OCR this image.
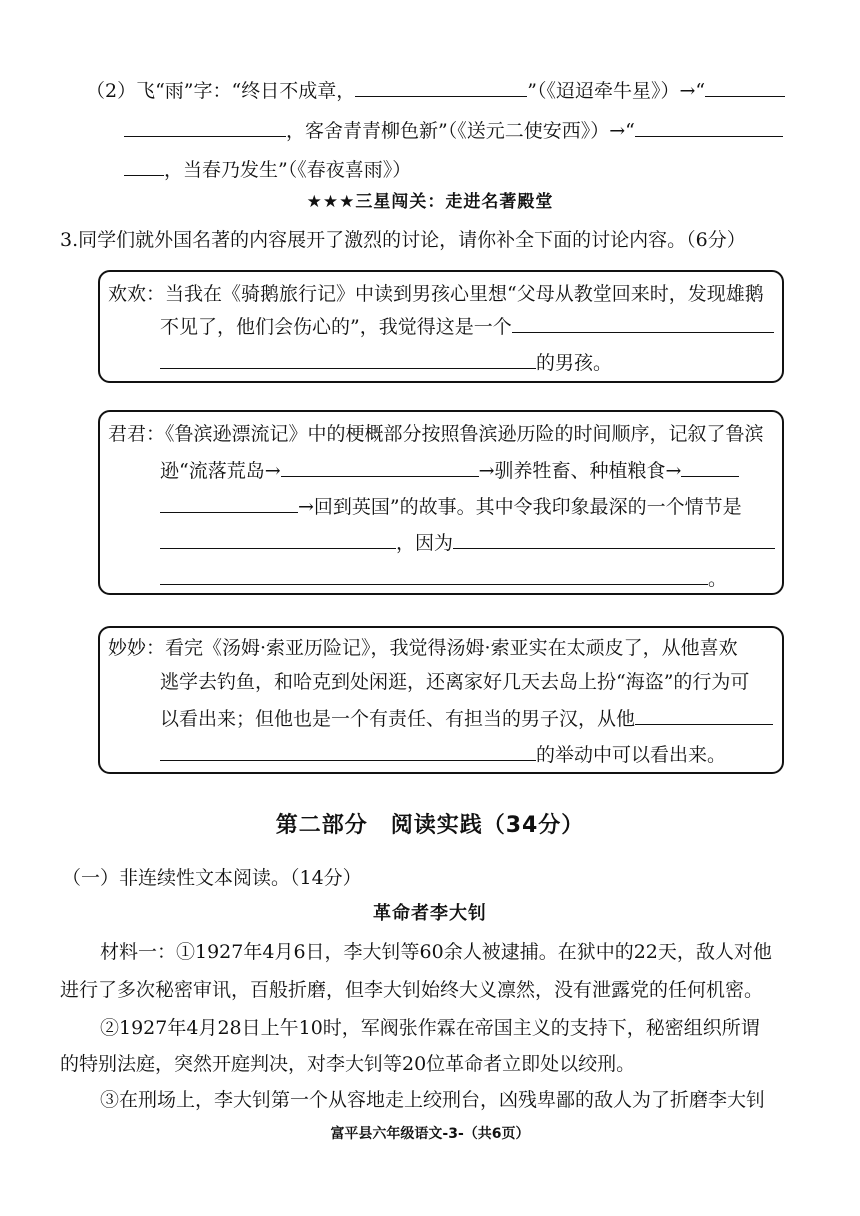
（2）飞“雨”字：“终日不成章，	”（《迢迢牵牛星》）→“
，客舍青青柳色新”（《送元二使安西》）→“
，当春乃发生”（《春夜喜雨》）
★★★三星闯关：走进名著殿堂
3.同学们就外国名著的内容展开了激烈的讨论，请你补全下面的讨论内容。（6分）
欢欢：当我在《骑鹅旅行记》中读到男孩心里想“父母从教堂回来时，发现雄鹅
不见了，他们会伤心的”，我觉得这是一个
的男孩。
君君：《鲁滨逊漂流记》中的梗概部分按照鲁滨逊历险的时间顺序，记叙了鲁滨
逊“流落荒岛→	→驯养牲畜、种植粮食→
→回到英国”的故事。其中令我印象最深的一个情节是
，因为
。
妙妙：看完《汤姆·索亚历险记》，我觉得汤姆·索亚实在太顽皮了，从他喜欢
逃学去钓鱼，和哈克到处闲逛，还离家好几天去岛上扮“海盗”的行为可
以看出来；但他也是一个有责任、有担当的男子汉，从他
的举动中可以看出来。
第二部分　阅读实践（34分）
（一）非连续性文本阅读。（14分）
革命者李大钊
材料一：①1927年4月6日，李大钊等60余人被逮捕。在狱中的22天，敌人对他
进行了多次秘密审讯，百般折磨，但李大钊始终大义凛然，没有泄露党的任何机密。
②1927年4月28日上午10时，军阀张作霖在帝国主义的支持下，秘密组织所谓
的特别法庭，突然开庭判决，对李大钊等20位革命者立即处以绞刑。
③在刑场上，李大钊第一个从容地走上绞刑台，凶残卑鄙的敌人为了折磨李大钊
富平县六年级语文-3-（共6页）
